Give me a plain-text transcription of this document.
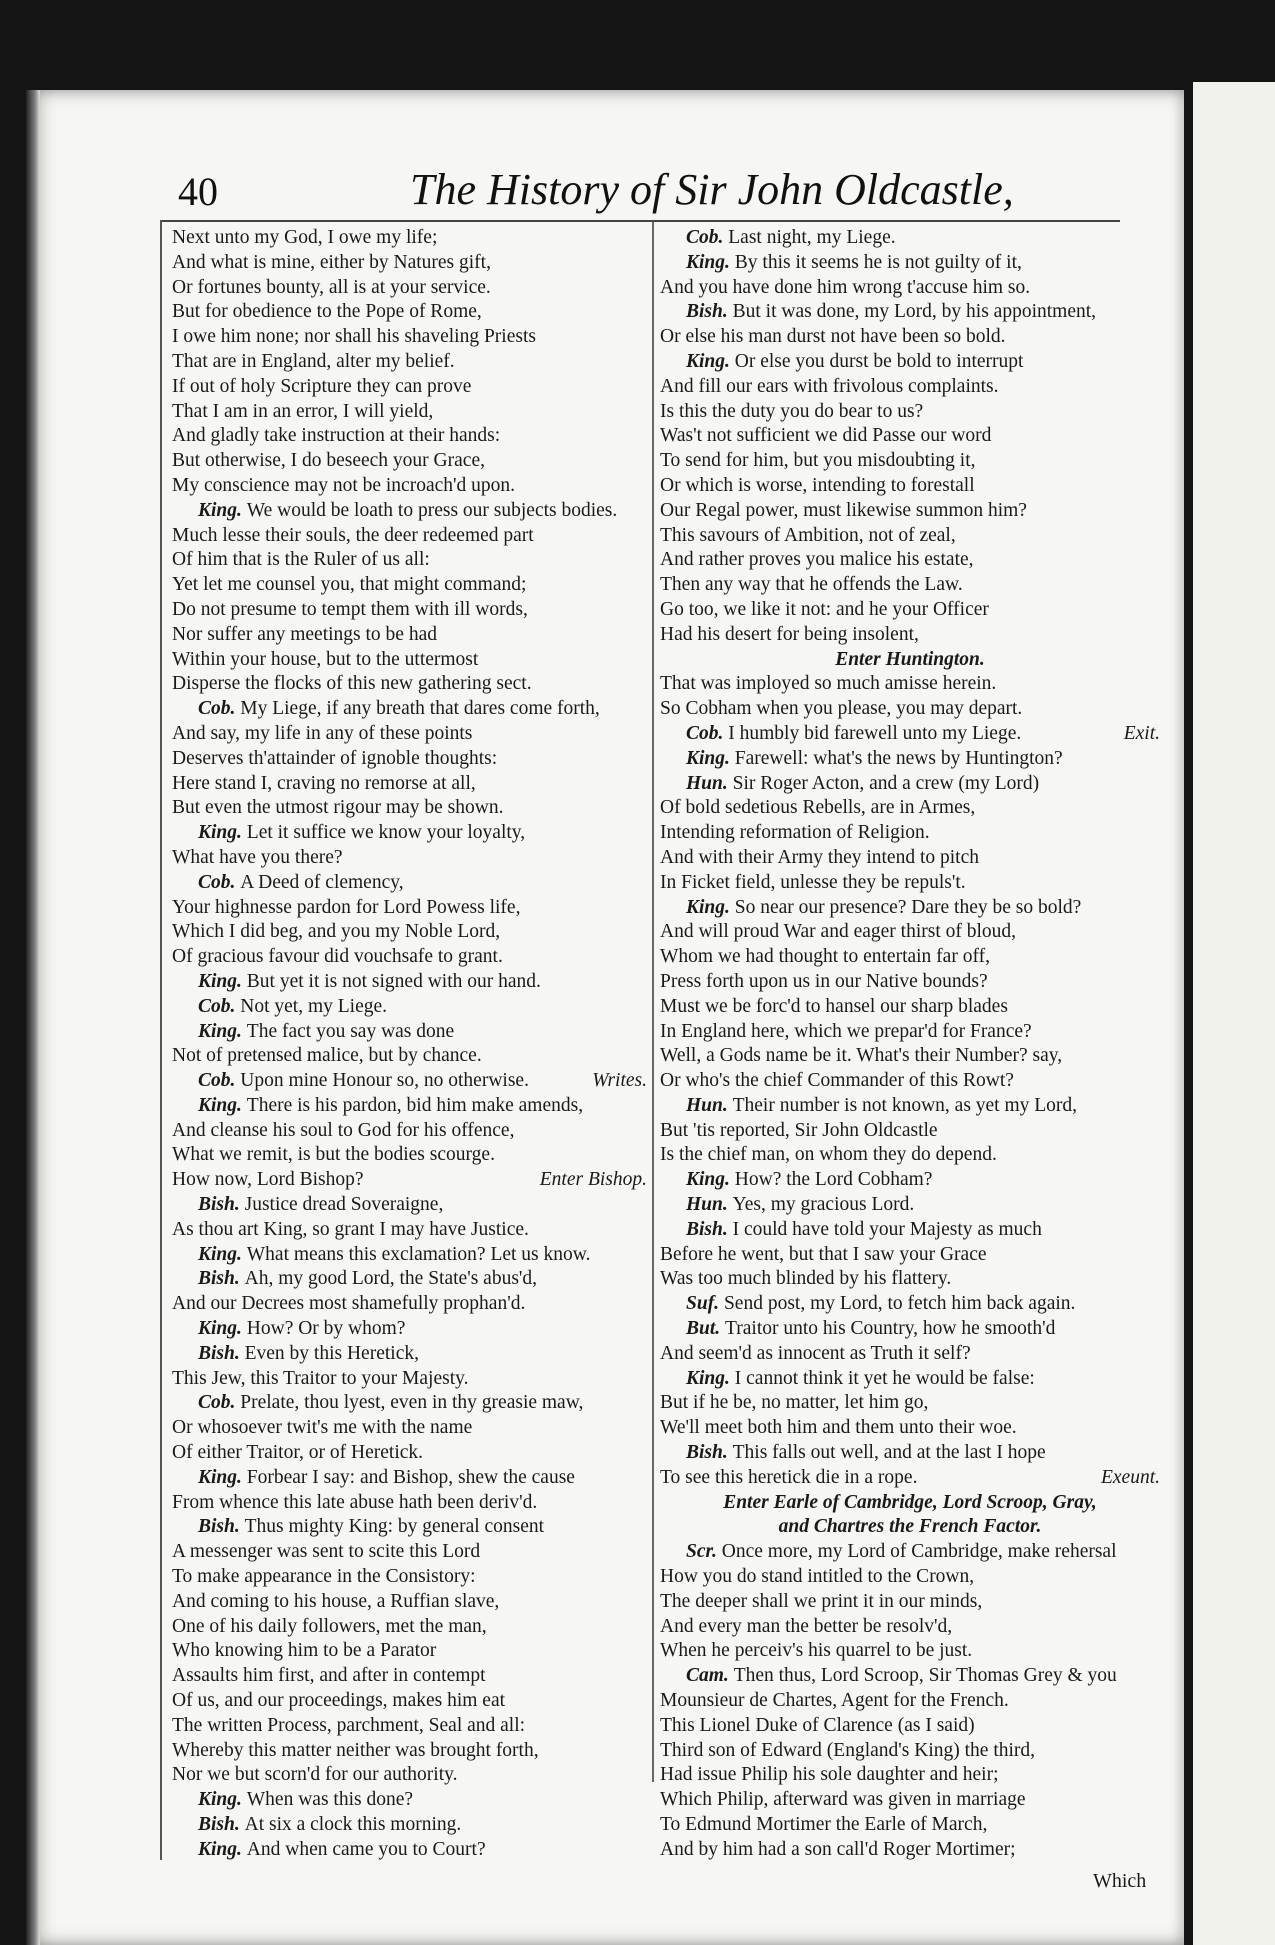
40	The History of Sir John Oldcastle,
Next unto my God, I owe my life;
And what is mine, either by Natures gift,
Or fortunes bounty, all is at your service.
But for obedience to the Pope of Rome,
I owe him none; nor shall his shaveling Priests
That are in England, alter my belief.
If out of holy Scripture they can prove
That I am in an error, I will yield,
And gladly take instruction at their hands:
But otherwise, I do beseech your Grace,
My conscience may not be incroach'd upon.
King. We would be loath to press our subjects bodies.
Much lesse their souls, the deer redeemed part
Of him that is the Ruler of us all:
Yet let me counsel you, that might command;
Do not presume to tempt them with ill words,
Nor suffer any meetings to be had
Within your house, but to the uttermost
Disperse the flocks of this new gathering sect.
Cob. My Liege, if any breath that dares come forth,
And say, my life in any of these points
Deserves th'attainder of ignoble thoughts:
Here stand I, craving no remorse at all,
But even the utmost rigour may be shown.
King. Let it suffice we know your loyalty,
What have you there?
Cob. A Deed of clemency,
Your highnesse pardon for Lord Powess life,
Which I did beg, and you my Noble Lord,
Of gracious favour did vouchsafe to grant.
King. But yet it is not signed with our hand.
Cob. Not yet, my Liege.
King. The fact you say was done
Not of pretensed malice, but by chance.
Cob. Upon mine Honour so, no otherwise.	Writes.
King. There is his pardon, bid him make amends,
And cleanse his soul to God for his offence,
What we remit, is but the bodies scourge.
How now, Lord Bishop?	Enter Bishop.
Bish. Justice dread Soveraigne,
As thou art King, so grant I may have Justice.
King. What means this exclamation? Let us know.
Bish. Ah, my good Lord, the State's abus'd,
And our Decrees most shamefully prophan'd.
King. How? Or by whom?
Bish. Even by this Heretick,
This Jew, this Traitor to your Majesty.
Cob. Prelate, thou lyest, even in thy greasie maw,
Or whosoever twit's me with the name
Of either Traitor, or of Heretick.
King. Forbear I say: and Bishop, shew the cause
From whence this late abuse hath been deriv'd.
Bish. Thus mighty King: by general consent
A messenger was sent to scite this Lord
To make appearance in the Consistory:
And coming to his house, a Ruffian slave,
One of his daily followers, met the man,
Who knowing him to be a Parator
Assaults him first, and after in contempt
Of us, and our proceedings, makes him eat
The written Process, parchment, Seal and all:
Whereby this matter neither was brought forth,
Nor we but scorn'd for our authority.
King. When was this done?
Bish. At six a clock this morning.
King. And when came you to Court?
Cob. Last night, my Liege.
King. By this it seems he is not guilty of it,
And you have done him wrong t'accuse him so.
Bish. But it was done, my Lord, by his appointment,
Or else his man durst not have been so bold.
King. Or else you durst be bold to interrupt
And fill our ears with frivolous complaints.
Is this the duty you do bear to us?
Was't not sufficient we did Passe our word
To send for him, but you misdoubting it,
Or which is worse, intending to forestall
Our Regal power, must likewise summon him?
This savours of Ambition, not of zeal,
And rather proves you malice his estate,
Then any way that he offends the Law.
Go too, we like it not: and he your Officer
Had his desert for being insolent,
Enter Huntington.
That was imployed so much amisse herein.
So Cobham when you please, you may depart.
Cob. I humbly bid farewell unto my Liege.	Exit.
King. Farewell: what's the news by Huntington?
Hun. Sir Roger Acton, and a crew (my Lord)
Of bold sedetious Rebells, are in Armes,
Intending reformation of Religion.
And with their Army they intend to pitch
In Ficket field, unlesse they be repuls't.
King. So near our presence? Dare they be so bold?
And will proud War and eager thirst of bloud,
Whom we had thought to entertain far off,
Press forth upon us in our Native bounds?
Must we be forc'd to hansel our sharp blades
In England here, which we prepar'd for France?
Well, a Gods name be it. What's their Number? say,
Or who's the chief Commander of this Rowt?
Hun. Their number is not known, as yet my Lord,
But 'tis reported, Sir John Oldcastle
Is the chief man, on whom they do depend.
King. How? the Lord Cobham?
Hun. Yes, my gracious Lord.
Bish. I could have told your Majesty as much
Before he went, but that I saw your Grace
Was too much blinded by his flattery.
Suf. Send post, my Lord, to fetch him back again.
But. Traitor unto his Country, how he smooth'd
And seem'd as innocent as Truth it self?
King. I cannot think it yet he would be false:
But if he be, no matter, let him go,
We'll meet both him and them unto their woe.
Bish. This falls out well, and at the last I hope
To see this heretick die in a rope.	Exeunt.
Enter Earle of Cambridge, Lord Scroop, Gray,
and Chartres the French Factor.
Scr. Once more, my Lord of Cambridge, make rehersal
How you do stand intitled to the Crown,
The deeper shall we print it in our minds,
And every man the better be resolv'd,
When he perceiv's his quarrel to be just.
Cam. Then thus, Lord Scroop, Sir Thomas Grey & you
Mounsieur de Chartes, Agent for the French.
This Lionel Duke of Clarence (as I said)
Third son of Edward (England's King) the third,
Had issue Philip his sole daughter and heir;
Which Philip, afterward was given in marriage
To Edmund Mortimer the Earle of March,
And by him had a son call'd Roger Mortimer;
Which
